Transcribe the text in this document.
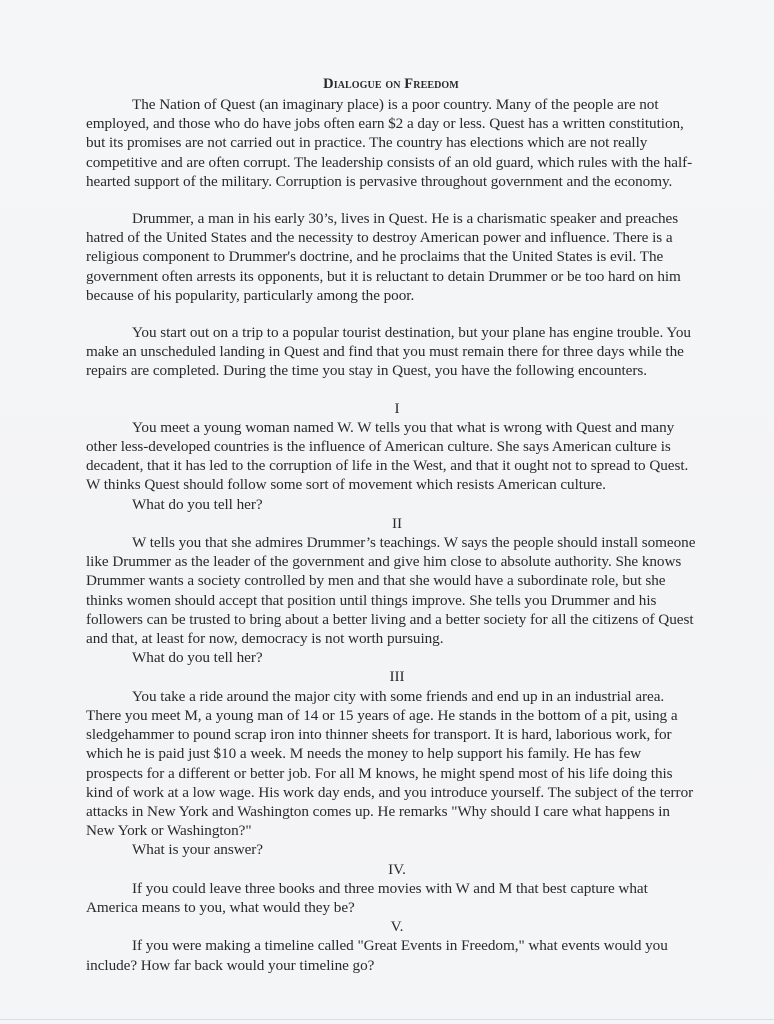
Dialogue on Freedom

The Nation of Quest (an imaginary place) is a poor country. Many of the people are not employed, and those who do have jobs often earn $2 a day or less. Quest has a written constitution, but its promises are not carried out in practice. The country has elections which are not really competitive and are often corrupt. The leadership consists of an old guard, which rules with the half-hearted support of the military. Corruption is pervasive throughout government and the economy.

Drummer, a man in his early 30’s, lives in Quest. He is a charismatic speaker and preaches hatred of the United States and the necessity to destroy American power and influence. There is a religious component to Drummer's doctrine, and he proclaims that the United States is evil. The government often arrests its opponents, but it is reluctant to detain Drummer or be too hard on him because of his popularity, particularly among the poor.

You start out on a trip to a popular tourist destination, but your plane has engine trouble. You make an unscheduled landing in Quest and find that you must remain there for three days while the repairs are completed. During the time you stay in Quest, you have the following encounters.

I

You meet a young woman named W. W tells you that what is wrong with Quest and many other less-developed countries is the influence of American culture. She says American culture is decadent, that it has led to the corruption of life in the West, and that it ought not to spread to Quest. W thinks Quest should follow some sort of movement which resists American culture.

What do you tell her?

II

W tells you that she admires Drummer’s teachings. W says the people should install someone like Drummer as the leader of the government and give him close to absolute authority. She knows Drummer wants a society controlled by men and that she would have a subordinate role, but she thinks women should accept that position until things improve. She tells you Drummer and his followers can be trusted to bring about a better living and a better society for all the citizens of Quest and that, at least for now, democracy is not worth pursuing.

What do you tell her?

III

You take a ride around the major city with some friends and end up in an industrial area. There you meet M, a young man of 14 or 15 years of age. He stands in the bottom of a pit, using a sledgehammer to pound scrap iron into thinner sheets for transport. It is hard, laborious work, for which he is paid just $10 a week. M needs the money to help support his family. He has few prospects for a different or better job. For all M knows, he might spend most of his life doing this kind of work at a low wage. His work day ends, and you introduce yourself. The subject of the terror attacks in New York and Washington comes up. He remarks "Why should I care what happens in New York or Washington?"

What is your answer?

IV.

If you could leave three books and three movies with W and M that best capture what America means to you, what would they be?

V.

If you were making a timeline called "Great Events in Freedom," what events would you include? How far back would your timeline go?
